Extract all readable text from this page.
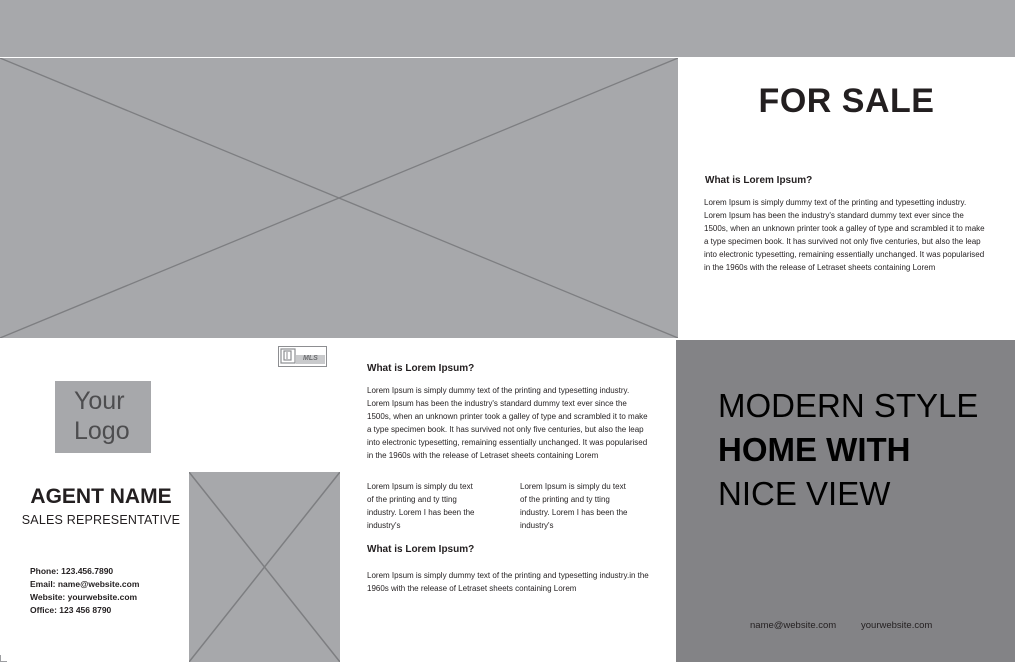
FOR SALE
What is Lorem Ipsum?
Lorem Ipsum is simply dummy text of the printing and typesetting industry. Lorem Ipsum has been the industry's standard dummy text ever since the 1500s, when an unknown printer took a galley of type and scrambled it to make a type specimen book. It has survived not only five centuries, but also the leap into electronic typesetting, remaining essentially unchanged. It was popularised in the 1960s with the release of Letraset sheets containing Lorem
MLS
Your
Logo
AGENT NAME
SALES REPRESENTATIVE
Phone: 123.456.7890
Email: name@website.com
Website: yourwebsite.com
Office: 123 456 8790
What is Lorem Ipsum?
Lorem Ipsum is simply dummy text of the printing and typesetting industry. Lorem Ipsum has been the industry's standard dummy text ever since the 1500s, when an unknown printer took a galley of type and scrambled it to make a type specimen book. It has survived not only five centuries, but also the leap into electronic typesetting, remaining essentially unchanged. It was popularised in the 1960s with the release of Letraset sheets containing Lorem
Lorem Ipsum is simply du text of the printing and ty tting industry. Lorem I has been the industry's
Lorem Ipsum is simply du text of the printing and ty tting industry. Lorem I has been the industry's
What is Lorem Ipsum?
Lorem Ipsum is simply dummy text of the printing and typesetting industry.in the 1960s with the release of Letraset sheets containing Lorem
MODERN STYLE
HOME WITH
NICE VIEW
name@website.com	yourwebsite.com
